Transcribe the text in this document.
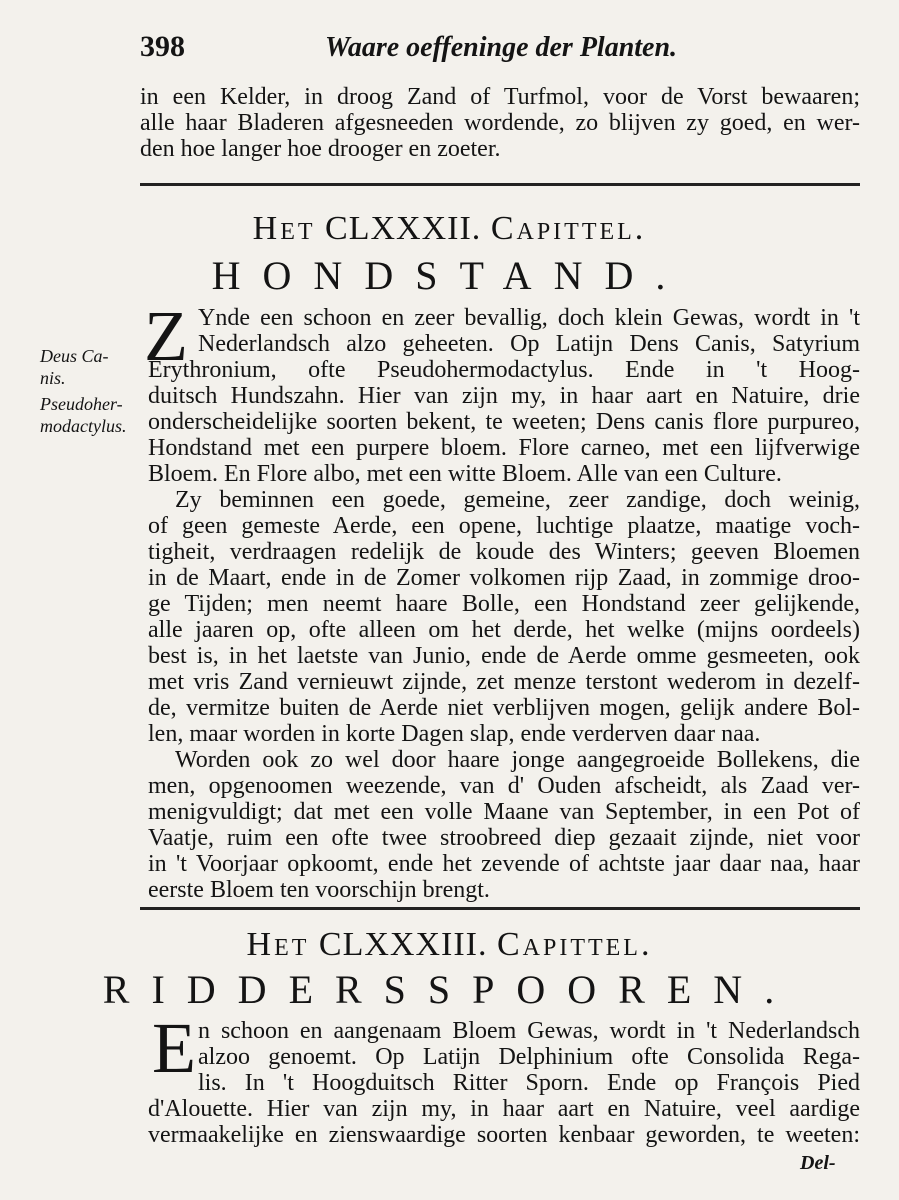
398	Waare oeffeninge der Planten.
in een Kelder, in droog Zand of Turfmol, voor de Vorst bewaaren;
alle haar Bladeren afgesneeden wordende, zo blijven zy goed, en wer-
den hoe langer hoe drooger en zoeter.
Het CLXXXII. Capittel.
HONDSTAND.
Z
Deus Ca-
nis.
Pseudoher-
modactylus.
Ynde een schoon en zeer bevallig, doch klein Gewas, wordt in 't
Nederlandsch alzo geheeten. Op Latijn Dens Canis, Satyrium
Erythronium, ofte Pseudohermodactylus. Ende in 't Hoog-
duitsch Hundszahn. Hier van zijn my, in haar aart en Natuire, drie
onderscheidelijke soorten bekent, te weeten; Dens canis flore purpureo,
Hondstand met een purpere bloem. Flore carneo, met een lijfverwige
Bloem. En Flore albo, met een witte Bloem. Alle van een Culture.
Zy beminnen een goede, gemeine, zeer zandige, doch weinig,
of geen gemeste Aerde, een opene, luchtige plaatze, maatige voch-
tigheit, verdraagen redelijk de koude des Winters; geeven Bloemen
in de Maart, ende in de Zomer volkomen rijp Zaad, in zommige droo-
ge Tijden; men neemt haare Bolle, een Hondstand zeer gelijkende,
alle jaaren op, ofte alleen om het derde, het welke (mijns oordeels)
best is, in het laetste van Junio, ende de Aerde omme gesmeeten, ook
met vris Zand vernieuwt zijnde, zet menze terstont wederom in dezelf-
de, vermitze buiten de Aerde niet verblijven mogen, gelijk andere Bol-
len, maar worden in korte Dagen slap, ende verderven daar naa.
Worden ook zo wel door haare jonge aangegroeide Bollekens, die
men, opgenoomen weezende, van d' Ouden afscheidt, als Zaad ver-
menigvuldigt; dat met een volle Maane van September, in een Pot of
Vaatje, ruim een ofte twee stroobreed diep gezaait zijnde, niet voor
in 't Voorjaar opkoomt, ende het zevende of achtste jaar daar naa, haar
eerste Bloem ten voorschijn brengt.
Het CLXXXIII. Capittel.
RIDDERSSPOOREN.
E n schoon en aangenaam Bloem Gewas, wordt in 't Nederlandsch
alzoo genoemt. Op Latijn Delphinium ofte Consolida Rega-
lis. In 't Hoogduitsch Ritter Sporn. Ende op François Pied
d'Alouette. Hier van zijn my, in haar aart en Natuire, veel aardige
vermaakelijke en zienswaardige soorten kenbaar geworden, te weeten:
Del-
